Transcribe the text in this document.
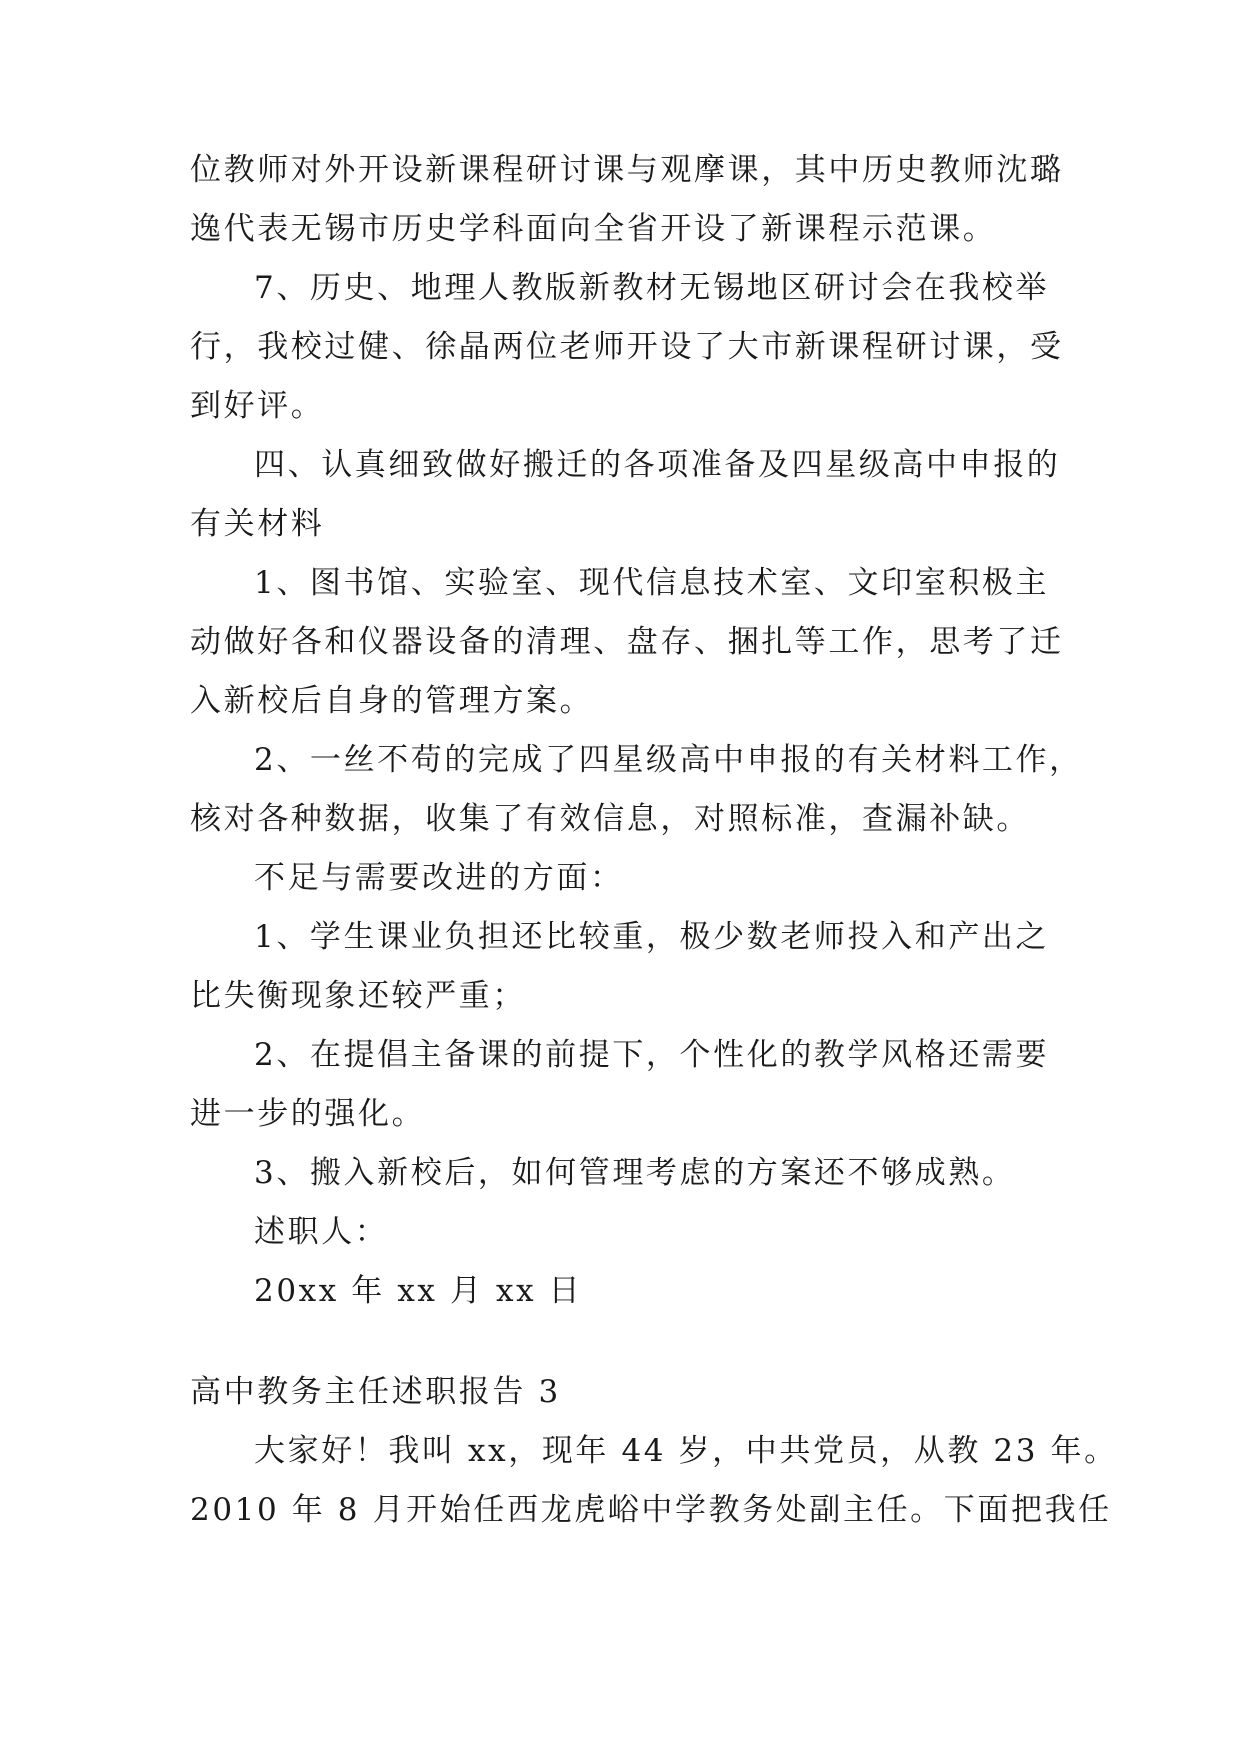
位教师对外开设新课程研讨课与观摩课，其中历史教师沈璐
逸代表无锡市历史学科面向全省开设了新课程示范课。
7、历史、地理人教版新教材无锡地区研讨会在我校举
行，我校过健、徐晶两位老师开设了大市新课程研讨课，受
到好评。
四、认真细致做好搬迁的各项准备及四星级高中申报的
有关材料
1、图书馆、实验室、现代信息技术室、文印室积极主
动做好各和仪器设备的清理、盘存、捆扎等工作，思考了迁
入新校后自身的管理方案。
2、一丝不苟的完成了四星级高中申报的有关材料工作，
核对各种数据，收集了有效信息，对照标准，查漏补缺。
不足与需要改进的方面：
1、学生课业负担还比较重，极少数老师投入和产出之
比失衡现象还较严重；
2、在提倡主备课的前提下，个性化的教学风格还需要
进一步的强化。
3、搬入新校后，如何管理考虑的方案还不够成熟。
述职人：
20xx 年 xx 月 xx 日
高中教务主任述职报告 3
大家好！我叫 xx，现年 44 岁，中共党员，从教 23 年。
2010 年 8 月开始任西龙虎峪中学教务处副主任。下面把我任
